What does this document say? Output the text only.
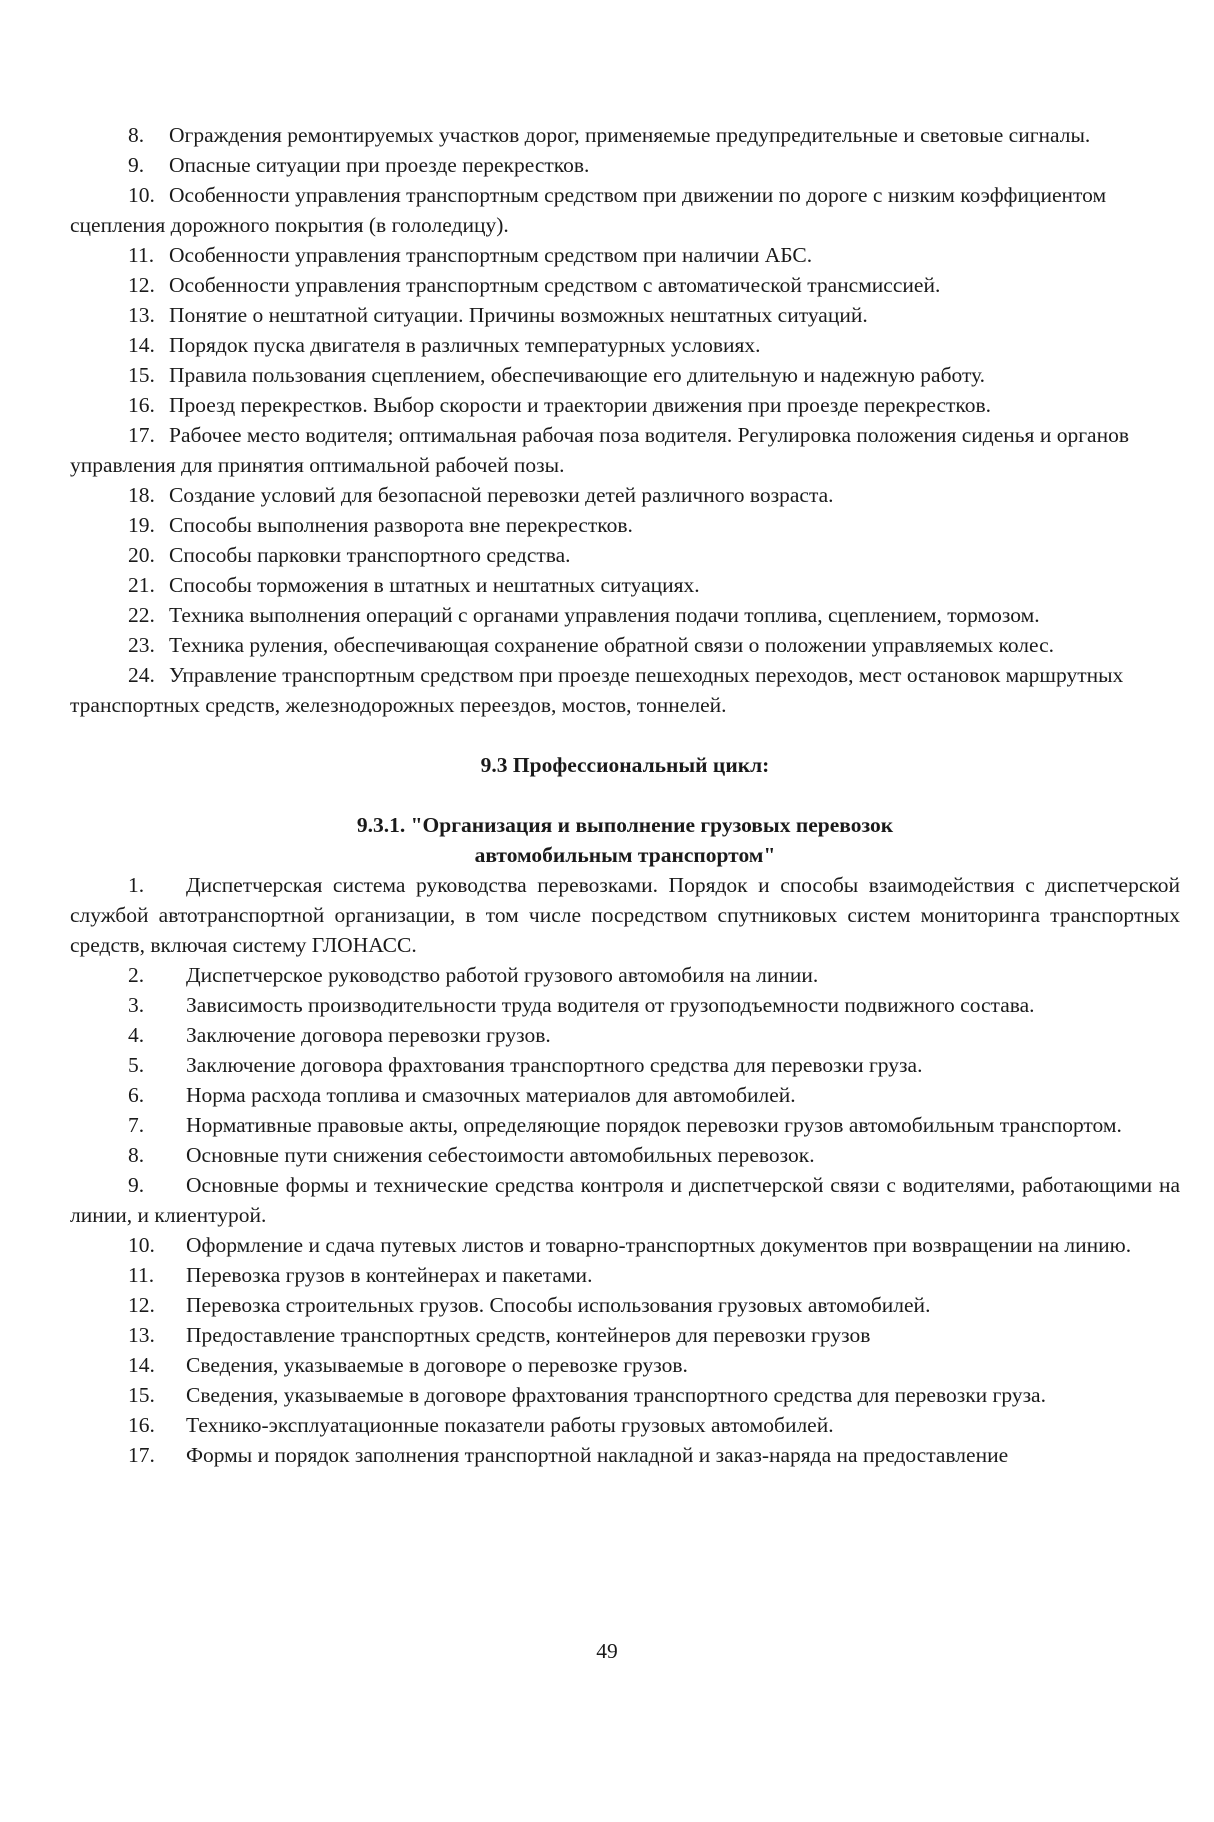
8. Ограждения ремонтируемых участков дорог, применяемые предупредительные и световые сигналы.
9. Опасные ситуации при проезде перекрестков.
10. Особенности управления транспортным средством при движении по дороге с низким коэффициентом сцепления дорожного покрытия (в гололедицу).
11. Особенности управления транспортным средством при наличии АБС.
12. Особенности управления транспортным средством с автоматической трансмиссией.
13. Понятие о нештатной ситуации. Причины возможных нештатных ситуаций.
14. Порядок пуска двигателя в различных температурных условиях.
15. Правила пользования сцеплением, обеспечивающие его длительную и надежную работу.
16. Проезд перекрестков. Выбор скорости и траектории движения при проезде перекрестков.
17. Рабочее место водителя; оптимальная рабочая поза водителя. Регулировка положения сиденья и органов управления для принятия оптимальной рабочей позы.
18. Создание условий для безопасной перевозки детей различного возраста.
19. Способы выполнения разворота вне перекрестков.
20. Способы парковки транспортного средства.
21. Способы торможения в штатных и нештатных ситуациях.
22. Техника выполнения операций с органами управления подачи топлива, сцеплением, тормозом.
23. Техника руления, обеспечивающая сохранение обратной связи о положении управляемых колес.
24. Управление транспортным средством при проезде пешеходных переходов, мест остановок маршрутных транспортных средств, железнодорожных переездов, мостов, тоннелей.
9.3 Профессиональный цикл:
9.3.1. "Организация и выполнение грузовых перевозок
автомобильным транспортом"
1. Диспетчерская система руководства перевозками. Порядок и способы взаимодействия с диспетчерской службой автотранспортной организации, в том числе посредством спутниковых систем мониторинга транспортных средств, включая систему ГЛОНАСС.
2. Диспетчерское руководство работой грузового автомобиля на линии.
3. Зависимость производительности труда водителя от грузоподъемности подвижного состава.
4. Заключение договора перевозки грузов.
5. Заключение договора фрахтования транспортного средства для перевозки груза.
6. Норма расхода топлива и смазочных материалов для автомобилей.
7. Нормативные правовые акты, определяющие порядок перевозки грузов автомобильным транспортом.
8. Основные пути снижения себестоимости автомобильных перевозок.
9. Основные формы и технические средства контроля и диспетчерской связи с водителями, работающими на линии, и клиентурой.
10. Оформление и сдача путевых листов и товарно-транспортных документов при возвращении на линию.
11. Перевозка грузов в контейнерах и пакетами.
12. Перевозка строительных грузов. Способы использования грузовых автомобилей.
13. Предоставление транспортных средств, контейнеров для перевозки грузов
14. Сведения, указываемые в договоре о перевозке грузов.
15. Сведения, указываемые в договоре фрахтования транспортного средства для перевозки груза.
16. Технико-эксплуатационные показатели работы грузовых автомобилей.
17. Формы и порядок заполнения транспортной накладной и заказ-наряда на предоставление
49
